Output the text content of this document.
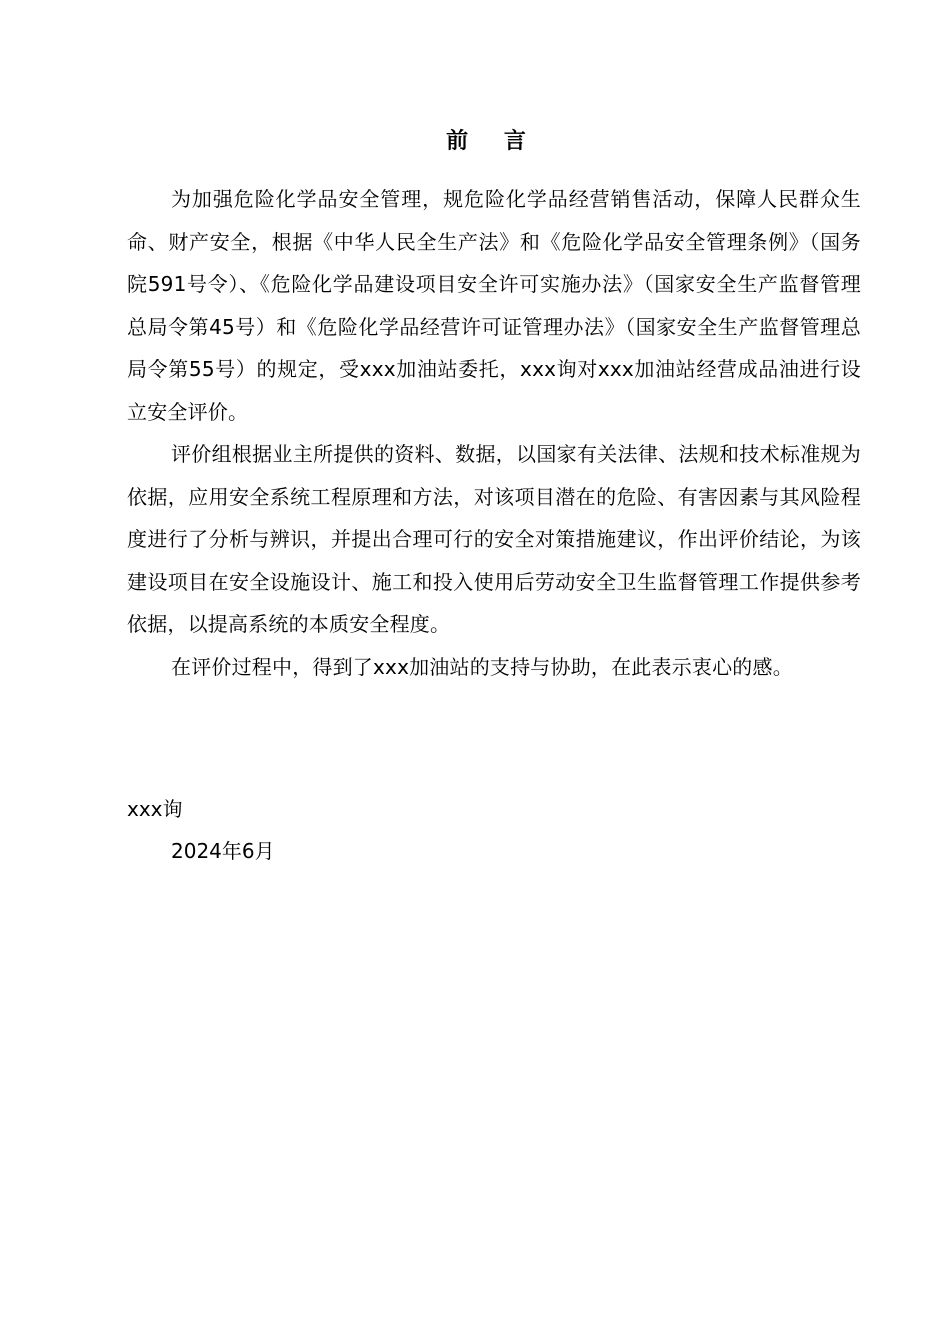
前 言

为加强危险化学品安全管理，规危险化学品经营销售活动，保障人民群众生命、财产安全，根据《中华人民全生产法》和《危险化学品安全管理条例》（国务院591号令）、《危险化学品建设项目安全许可实施办法》（国家安全生产监督管理总局令第45号）和《危险化学品经营许可证管理办法》（国家安全生产监督管理总局令第55号）的规定，受xxx加油站委托，xxx询对xxx加油站经营成品油进行设立安全评价。

评价组根据业主所提供的资料、数据，以国家有关法律、法规和技术标准规为依据，应用安全系统工程原理和方法，对该项目潜在的危险、有害因素与其风险程度进行了分析与辨识，并提出合理可行的安全对策措施建议，作出评价结论，为该建设项目在安全设施设计、施工和投入使用后劳动安全卫生监督管理工作提供参考依据，以提高系统的本质安全程度。

在评价过程中，得到了xxx加油站的支持与协助，在此表示衷心的感。

xxx询

2024年6月
